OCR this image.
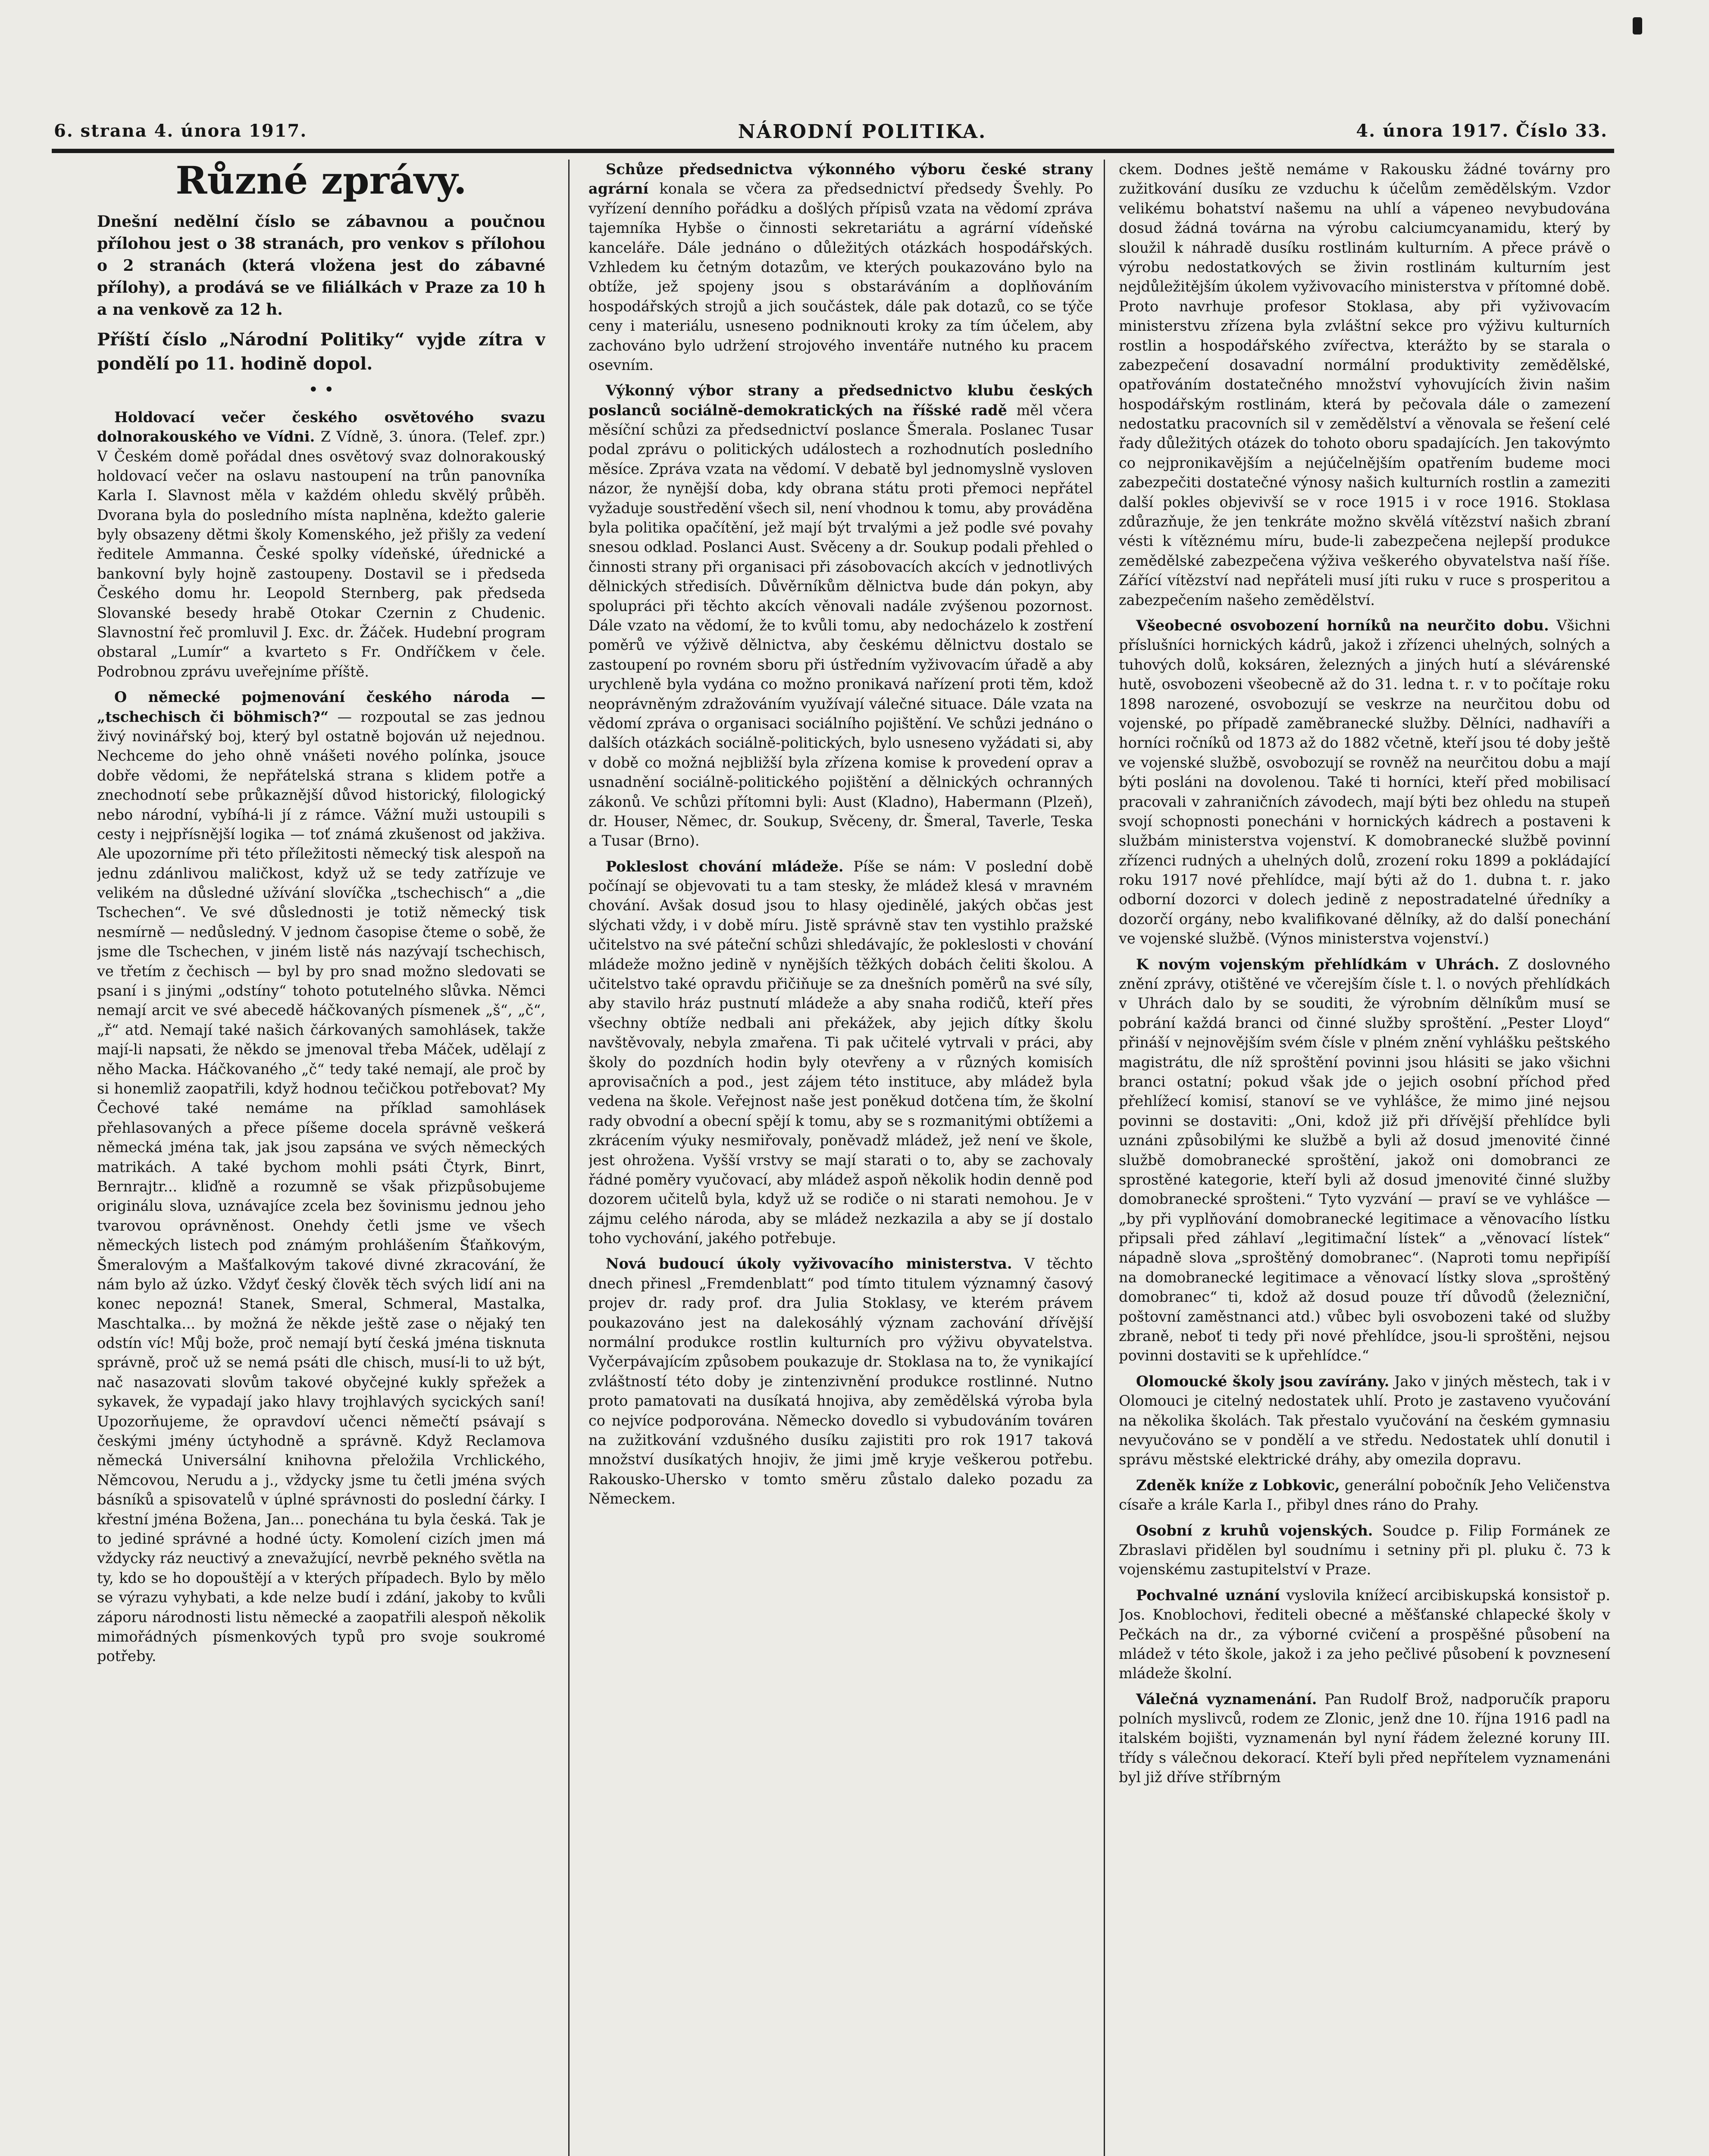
6. strana 4. února 1917.	NÁRODNÍ POLITIKA.	4. února 1917. Číslo 33.
Různé zprávy.

Dnešní nedělní číslo se zábavnou a poučnou přílohou jest o 38 stranách, pro venkov s přílohou o 2 stranách (která vložena jest do zábavné přílohy), a prodává se ve filiálkách v Praze za 10 h a na venkově za 12 h.

Příští číslo „Národní Politiky“ vyjde zítra v pondělí po 11. hodině dopol.

• •

Holdovací večer českého osvětového svazu dolnorakouského ve Vídni. Z Vídně, 3. února. (Telef. zpr.) V Českém domě pořádal dnes osvětový svaz dolnorakouský holdovací večer na oslavu nastoupení na trůn panovníka Karla I. Slavnost měla v každém ohledu skvělý průběh. Dvorana byla do posledního místa naplněna, kdežto galerie byly obsazeny dětmi školy Komenského, jež přišly za vedení ředitele Ammanna. České spolky vídeňské, úřednické a bankovní byly hojně zastoupeny. Dostavil se i předseda Českého domu hr. Leopold Sternberg, pak předseda Slovanské besedy hrabě Otokar Czernin z Chudenic. Slavnostní řeč promluvil J. Exc. dr. Žáček. Hudební program obstaral „Lumír“ a kvarteto s Fr. Ondříčkem v čele. Podrobnou zprávu uveřejníme příště.

O německé pojmenování českého národa — „tschechisch či böhmisch?“ — rozpoutal se zas jednou živý novinářský boj, který byl ostatně bojován už nejednou. Nechceme do jeho ohně vnášeti nového polínka, jsouce dobře vědomi, že nepřátelská strana s klidem potře a znechodnotí sebe průkaznější důvod historický, filologický nebo národní, vybíhá-li jí z rámce. Vážní muži ustoupili s cesty i nejpřísnější logika — toť známá zkušenost od jakživa. Ale upozorníme při této příležitosti německý tisk alespoň na jednu zdánlivou maličkost, když už se tedy zatřízuje ve velikém na důsledné užívání slovíčka „tschechisch“ a „die Tschechen“. Ve své důslednosti je totiž německý tisk nesmírně — nedůsledný. V jednom časopise čteme o sobě, že jsme dle Tschechen, v jiném listě nás nazývají tschechisch, ve třetím z čechisch — byl by pro snad možno sledovati se psaní i s jinými „odstíny“ tohoto potutelného slůvka. Němci nemají arcit ve své abecedě háčkovaných písmenek „š“, „č“, „ř“ atd. Nemají také našich čárkovaných samohlásek, takže mají-li napsati, že někdo se jmenoval třeba Máček, udělají z něho Macka. Háčkovaného „č“ tedy také nemají, ale proč by si honemliž zaopatřili, když hodnou tečičkou potřebovat? My Čechové také nemáme na příklad samohlásek přehlasovaných a přece píšeme docela správně veškerá německá jména tak, jak jsou zapsána ve svých německých matrikách. A také bychom mohli psáti Čtyrk, Binrt, Bernrajtr... kliďně a rozumně se však přizpůsobujeme originálu slova, uznávajíce zcela bez šovinismu jednou jeho tvarovou oprávněnost. Onehdy četli jsme ve všech německých listech pod známým prohlášením Šťaňkovým, Šmeralovým a Mašťalkovým takové divné zkracování, že nám bylo až úzko. Vždyť český člověk těch svých lidí ani na konec nepozná! Stanek, Smeral, Schmeral, Mastalka, Maschtalka... by možná že někde ještě zase o nějaký ten odstín víc! Můj bože, proč nemají bytí česká jména tisknuta správně, proč už se nemá psáti dle chisch, musí-li to už být, nač nasazovati slovům takové obyčejné kukly spřežek a sykavek, že vypadají jako hlavy trojhlavých sycických saní! Upozorňujeme, že opravdoví učenci němečtí psávají s českými jmény úctyhodně a správně. Když Reclamova německá Universální knihovna přeložila Vrchlického, Němcovou, Nerudu a j., vždycky jsme tu četli jména svých básníků a spisovatelů v úplné správnosti do poslední čárky. I křestní jména Božena, Jan... ponechána tu byla česká. Tak je to jediné správné a hodné úcty. Komolení cizích jmen má vždycky ráz neuctivý a znevažující, nevrbě pekného světla na ty, kdo se ho dopouštějí a v kterých případech. Bylo by mělo se výrazu vyhybati, a kde nelze budí i zdání, jakoby to kvůli záporu národnosti listu německé a zaopatřili alespoň několik mimořádných písmenkových typů pro svoje soukromé potřeby.

Schůze předsednictva výkonného výboru české strany agrární konala se včera za předsednictví předsedy Švehly. Po vyřízení denního pořádku a došlých přípisů vzata na vědomí zpráva tajemníka Hybše o činnosti sekretariátu a agrární vídeňské kanceláře. Dále jednáno o důležitých otázkách hospodářských. Vzhledem ku četným dotazům, ve kterých poukazováno bylo na obtíže, jež spojeny jsou s obstaráváním a doplňováním hospodářských strojů a jich součástek, dále pak dotazů, co se týče ceny i materiálu, usneseno podniknouti kroky za tím účelem, aby zachováno bylo udržení strojového inventáře nutného ku pracem osevním.

Výkonný výbor strany a předsednictvo klubu českých poslanců sociálně-demokratických na říšské radě měl včera měsíční schůzi za předsednictví poslance Šmerala. Poslanec Tusar podal zprávu o politických událostech a rozhodnutích posledního měsíce. Zpráva vzata na vědomí. V debatě byl jednomyslně vysloven názor, že nynější doba, kdy obrana státu proti přemoci nepřátel vyžaduje soustředění všech sil, není vhodnou k tomu, aby prováděna byla politika opačítění, jež mají být trvalými a jež podle své povahy snesou odklad. Poslanci Aust. Svěceny a dr. Soukup podali přehled o činnosti strany při organisaci při zásobovacích akcích v jednotlivých dělnických středisích. Důvěrníkům dělnictva bude dán pokyn, aby spolupráci při těchto akcích věnovali nadále zvýšenou pozornost. Dále vzato na vědomí, že to kvůli tomu, aby nedocházelo k zostření poměrů ve výživě dělnictva, aby českému dělnictvu dostalo se zastoupení po rovném sboru při ústředním vyživovacím úřadě a aby urychleně byla vydána co možno pronikavá nařízení proti těm, kdož neoprávněným zdražováním využívají válečné situace. Dále vzata na vědomí zpráva o organisaci sociálního pojištění. Ve schůzi jednáno o dalších otázkách sociálně-politických, bylo usneseno vyžádati si, aby v době co možná nejbližší byla zřízena komise k provedení oprav a usnadnění sociálně-politického pojištění a dělnických ochranných zákonů. Ve schůzi přítomni byli: Aust (Kladno), Habermann (Plzeň), dr. Houser, Němec, dr. Soukup, Svěceny, dr. Šmeral, Taverle, Teska a Tusar (Brno).

Pokleslost chování mládeže. Píše se nám: V poslední době počínají se objevovati tu a tam stesky, že mládež klesá v mravném chování. Avšak dosud jsou to hlasy ojedinělé, jakých občas jest slýchati vždy, i v době míru. Jistě správně stav ten vystihlo pražské učitelstvo na své páteční schůzi shledávajíc, že pokleslosti v chování mládeže možno jedině v nynějších těžkých dobách čeliti školou. A učitelstvo také opravdu přičiňuje se za dnešních poměrů na své síly, aby stavilo hráz pustnutí mládeže a aby snaha rodičů, kteří přes všechny obtíže nedbali ani překážek, aby jejich dítky školu navštěvovaly, nebyla zmařena. Ti pak učitelé vytrvali v práci, aby školy do pozdních hodin byly otevřeny a v různých komisích aprovisačních a pod., jest zájem této instituce, aby mládež byla vedena na škole. Veřejnost naše jest poněkud dotčena tím, že školní rady obvodní a obecní spějí k tomu, aby se s rozmanitými obtížemi a zkrácením výuky nesmiřovaly, poněvadž mládež, jež není ve škole, jest ohrožena. Vyšší vrstvy se mají starati o to, aby se zachovaly řádné poměry vyučovací, aby mládež aspoň několik hodin denně pod dozorem učitelů byla, když už se rodiče o ni starati nemohou. Je v zájmu celého národa, aby se mládež nezkazila a aby se jí dostalo toho vychování, jakého potřebuje.

Nová budoucí úkoly vyživovacího ministerstva. V těchto dnech přinesl „Fremdenblatt“ pod tímto titulem významný časový projev dr. rady prof. dra Julia Stoklasy, ve kterém právem poukazováno jest na dalekosáhlý význam zachování dřívější normální produkce rostlin kulturních pro výživu obyvatelstva. Vyčerpávajícím způsobem poukazuje dr. Stoklasa na to, že vynikající zvláštností této doby je zintenzivnění produkce rostlinné. Nutno proto pamatovati na dusíkatá hnojiva, aby zemědělská výroba byla co nejvíce podporována. Německo dovedlo si vybudováním továren na zužitkování vzdušného dusíku zajistiti pro rok 1917 taková množství dusíkatých hnojiv, že jimi jmě kryje veškerou potřebu. Rakousko-Uhersko v tomto směru zůstalo daleko pozadu za Německem.

ckem. Dodnes ještě nemáme v Rakousku žádné továrny pro zužitkování dusíku ze vzduchu k účelům zemědělským. Vzdor velikému bohatství našemu na uhlí a vápeneo nevybudována dosud žádná továrna na výrobu calciumcyanamidu, který by sloužil k náhradě dusíku rostlinám kulturním. A přece právě o výrobu nedostatkových se živin rostlinám kulturním jest nejdůležitějším úkolem vyživovacího ministerstva v přítomné době. Proto navrhuje profesor Stoklasa, aby při vyživovacím ministerstvu zřízena byla zvláštní sekce pro výživu kulturních rostlin a hospodářského zvířectva, kterážto by se starala o zabezpečení dosavadní normální produktivity zemědělské, opatřováním dostatečného množství vyhovujících živin našim hospodářským rostlinám, která by pečovala dále o zamezení nedostatku pracovních sil v zemědělství a věnovala se řešení celé řady důležitých otázek do tohoto oboru spadajících. Jen takovýmto co nejpronikavějším a nejúčelnějším opatřením budeme moci zabezpečiti dostatečné výnosy našich kulturních rostlin a zameziti další pokles objevivší se v roce 1915 i v roce 1916. Stoklasa zdůrazňuje, že jen tenkráte možno skvělá vítězství našich zbraní vésti k vítěznému míru, bude-li zabezpečena nejlepší produkce zemědělské zabezpečena výživa veškerého obyvatelstva naší říše. Zářící vítězství nad nepřáteli musí jíti ruku v ruce s prosperitou a zabezpečením našeho zemědělství.

Všeobecné osvobození horníků na neurčito dobu. Všichni příslušníci hornických kádrů, jakož i zřízenci uhelných, solných a tuhových dolů, koksáren, železných a jiných hutí a slévárenské hutě, osvobozeni všeobecně až do 31. ledna t. r. v to počítaje roku 1898 narozené, osvobozují se veskrze na neurčitou dobu od vojenské, po případě zaměbranecké služby. Dělníci, nadhavíři a horníci ročníků od 1873 až do 1882 včetně, kteří jsou té doby ještě ve vojenské službě, osvobozují se rovněž na neurčitou dobu a mají býti posláni na dovolenou. Také ti horníci, kteří před mobilisací pracovali v zahraničních závodech, mají býti bez ohledu na stupeň svojí schopnosti ponecháni v hornických kádrech a postaveni k službám ministerstva vojenství. K domobranecké službě povinní zřízenci rudných a uhelných dolů, zrození roku 1899 a pokládající roku 1917 nové přehlídce, mají býti až do 1. dubna t. r. jako odborní dozorci v dolech jedině z nepostradatelné úředníky a dozorčí orgány, nebo kvalifikované dělníky, až do další ponechání ve vojenské službě. (Výnos ministerstva vojenství.)

K novým vojenským přehlídkám v Uhrách. Z doslovného znění zprávy, otištěné ve včerejším čísle t. l. o nových přehlídkách v Uhrách dalo by se souditi, že výrobním dělníkům musí se pobrání každá branci od činné služby sproštění. „Pester Lloyd“ přináší v nejnovějším svém čísle v plném znění vyhlášku peštského magistrátu, dle níž sproštění povinni jsou hlásiti se jako všichni branci ostatní; pokud však jde o jejich osobní příchod před přehlížecí komisí, stanoví se ve vyhlášce, že mimo jiné nejsou povinni se dostaviti: „Oni, kdož již při dřívější přehlídce byli uznáni způsobilými ke službě a byli až dosud jmenovité činné službě domobranecké sproštění, jakož oni domobranci ze sprostěné kategorie, kteří byli až dosud jmenovité činné služby domobranecké sprošteni.“ Tyto vyzvání — praví se ve vyhlášce — „by při vyplňování domobranecké legitimace a věnovacího lístku připsali před záhlaví „legitimační lístek“ a „věnovací lístek“ nápadně slova „sproštěný domobranec“. (Naproti tomu nepřipíší na domobranecké legitimace a věnovací lístky slova „sproštěný domobranec“ ti, kdož až dosud pouze tří důvodů (železniční, poštovní zaměstnanci atd.) vůbec byli osvobozeni také od služby zbraně, neboť ti tedy při nové přehlídce, jsou-li sproštěni, nejsou povinni dostaviti se k upřehlídce.“

Olomoucké školy jsou zavírány. Jako v jiných městech, tak i v Olomouci je citelný nedostatek uhlí. Proto je zastaveno vyučování na několika školách. Tak přestalo vyučování na českém gymnasiu nevyučováno se v pondělí a ve středu. Nedostatek uhlí donutil i správu městské elektrické dráhy, aby omezila dopravu.

Zdeněk kníže z Lobkovic, generální pobočník Jeho Veličenstva císaře a krále Karla I., přibyl dnes ráno do Prahy.

Osobní z kruhů vojenských. Soudce p. Filip Formánek ze Zbraslavi přidělen byl soudnímu i setniny při pl. pluku č. 73 k vojenskému zastupitelství v Praze.

Pochvalné uznání vyslovila knížecí arcibiskupská konsistoř p. Jos. Knoblochovi, řediteli obecné a měšťanské chlapecké školy v Pečkách na dr., za výborné cvičení a prospěšné působení na mládež v této škole, jakož i za jeho pečlivé působení k povznesení mládeže školní.

Válečná vyznamenání. Pan Rudolf Brož, nadporučík praporu polních myslivců, rodem ze Zlonic, jenž dne 10. října 1916 padl na italském bojišti, vyznamenán byl nyní řádem železné koruny III. třídy s válečnou dekorací. Kteří byli před nepřítelem vyznamenáni byl již dříve stříbrným
